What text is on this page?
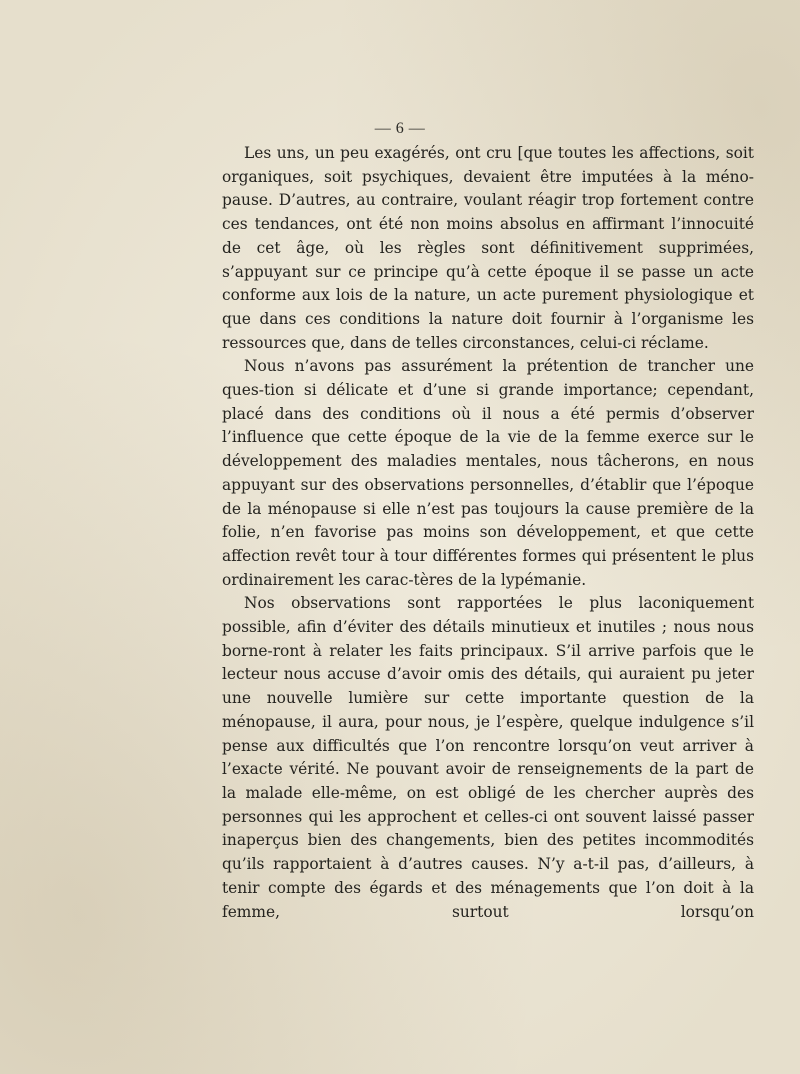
— 6 —

Les uns, un peu exagérés, ont cru [que toutes les affections, soit organiques, soit psychiques, devaient être imputées à la méno-pause. D’autres, au contraire, voulant réagir trop fortement contre ces tendances, ont été non moins absolus en affirmant l’innocuité de cet âge, où les règles sont définitivement supprimées, s’appuyant sur ce principe qu’à cette époque il se passe un acte conforme aux lois de la nature, un acte purement physiologique et que dans ces conditions la nature doit fournir à l’organisme les ressources que, dans de telles circonstances, celui-ci réclame.

Nous n’avons pas assurément la prétention de trancher une ques-tion si délicate et d’une si grande importance; cependant, placé dans des conditions où il nous a été permis d’observer l’influence que cette époque de la vie de la femme exerce sur le développement des maladies mentales, nous tâcherons, en nous appuyant sur des observations personnelles, d’établir que l’époque de la ménopause si elle n’est pas toujours la cause première de la folie, n’en favorise pas moins son développement, et que cette affection revêt tour à tour différentes formes qui présentent le plus ordinairement les carac-tères de la lypémanie.

Nos observations sont rapportées le plus laconiquement possible, afin d’éviter des détails minutieux et inutiles ; nous nous borne-ront à relater les faits principaux. S’il arrive parfois que le lecteur nous accuse d’avoir omis des détails, qui auraient pu jeter une nouvelle lumière sur cette importante question de la ménopause, il aura, pour nous, je l’espère, quelque indulgence s’il pense aux difficultés que l’on rencontre lorsqu’on veut arriver à l’exacte vérité. Ne pouvant avoir de renseignements de la part de la malade elle-même, on est obligé de les chercher auprès des personnes qui les approchent et celles-ci ont souvent laissé passer inaperçus bien des changements, bien des petites incommodités qu’ils rapportaient à d’autres causes. N’y a-t-il pas, d’ailleurs, à tenir compte des égards et des ménagements que l’on doit à la femme, surtout lorsqu’on
